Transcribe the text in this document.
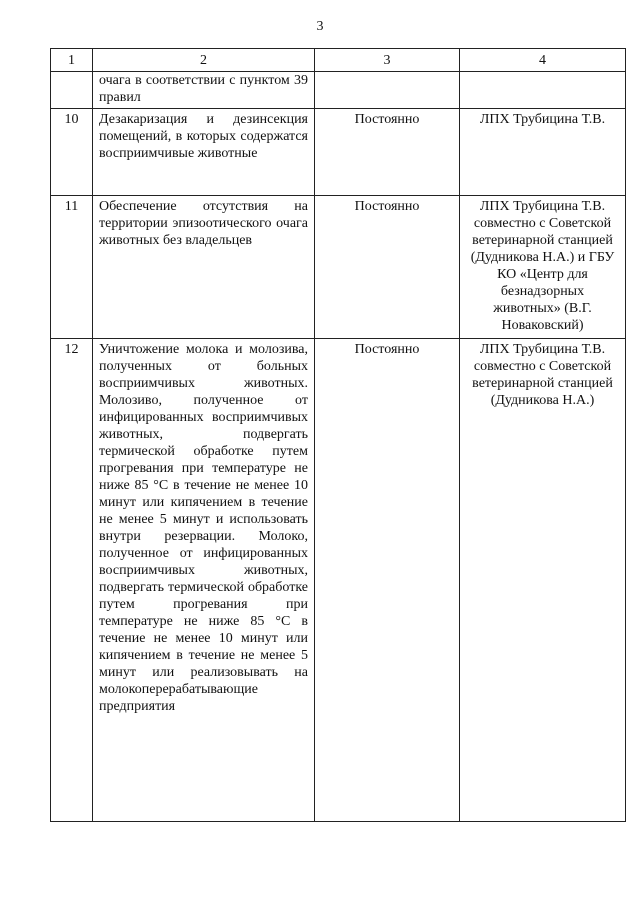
3
1	2	3	4
	очага в соответствии с пунктом 39 правил		
10	Дезакаризация и дезинсекция помещений, в которых содержатся восприимчивые животные	Постоянно	ЛПХ Трубицина Т.В.
11	Обеспечение отсутствия на территории эпизоотического очага животных без владельцев	Постоянно	ЛПХ Трубицина Т.В. совместно с Советской ветеринарной станцией (Дудникова Н.А.) и ГБУ КО «Центр для безнадзорных животных» (В.Г. Новаковский)
12	Уничтожение молока и молозива, полученных от больных восприимчивых животных. Молозиво, полученное от инфицированных восприимчивых животных, подвергать термической обработке путем прогревания при температуре не ниже 85 °С в течение не менее 10 минут или кипячением в течение не менее 5 минут и использовать внутри резервации. Молоко, полученное от инфицированных восприимчивых животных, подвергать термической обработке путем прогревания при температуре не ниже 85 °С в течение не менее 10 минут или кипячением в течение не менее 5 минут или реализовывать на молокоперерабатывающие предприятия	Постоянно	ЛПХ Трубицина Т.В. совместно с Советской ветеринарной станцией (Дудникова Н.А.)
